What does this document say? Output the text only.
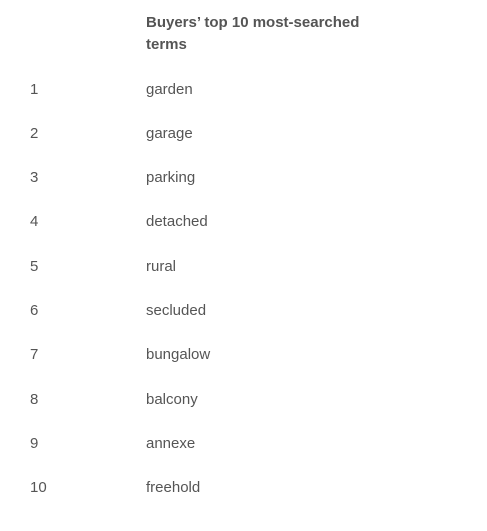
Buyers’ top 10 most-searched terms
1	garden
2	garage
3	parking
4	detached
5	rural
6	secluded
7	bungalow
8	balcony
9	annexe
10	freehold
